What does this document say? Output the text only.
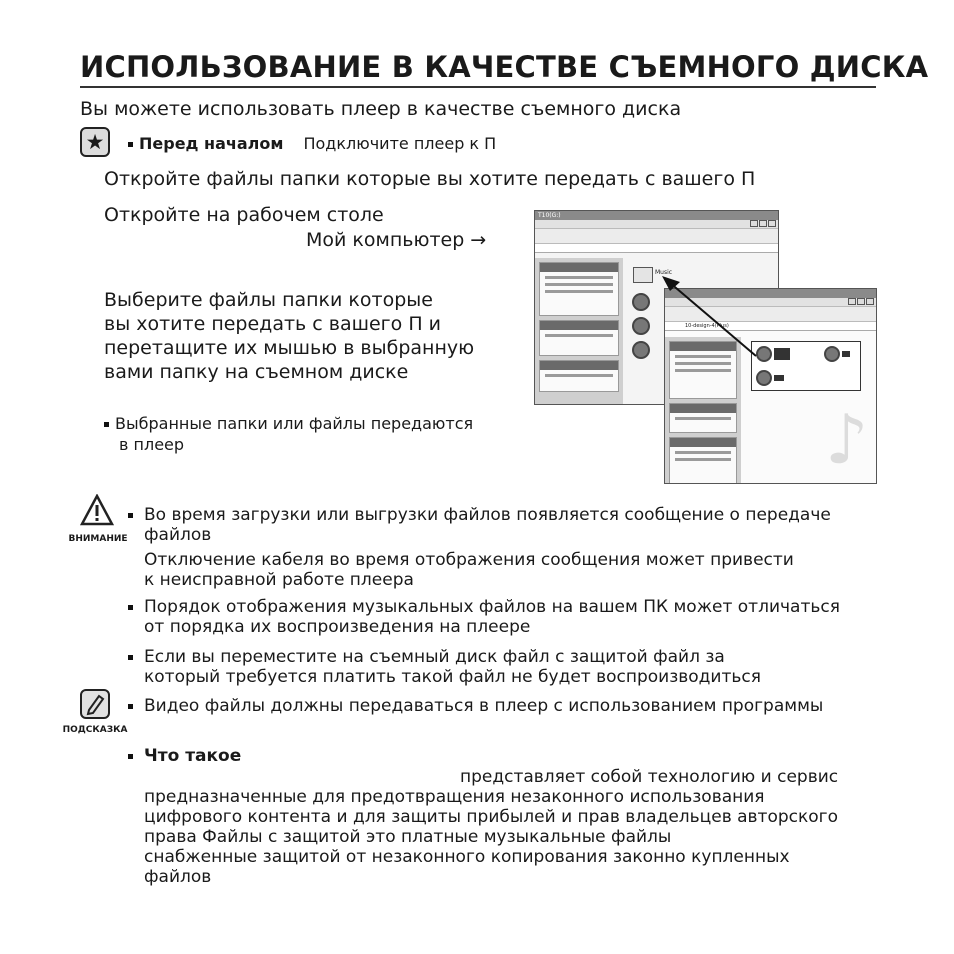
ИСПОЛЬЗОВАНИЕ В КАЧЕСТВЕ СЪЕМНОГО ДИСКА
Вы можете использовать плеер в качестве съемного диска
★	Перед началом Подключите плеер к П
Откройте файлы папки которые вы хотите передать с вашего П
Откройте на рабочем столе
Мой компьютер →
Выберите файлы папки которые
вы хотите передать с вашего П и
перетащите их мышью в выбранную
вами папку на съемном диске
Выбранные папки или файлы передаются
в плеер
T10(G:)
Music
10-design-4(Plus)
♪
ВНИМАНИЕ
Во время загрузки или выгрузки файлов появляется сообщение о передаче
файлов
Отключение кабеля во время отображения сообщения может привести
к неисправной работе плеера
Порядок отображения музыкальных файлов на вашем ПК может отличаться
от порядка их воспроизведения на плеере
Если вы переместите на съемный диск файл с защитой файл за
который требуется платить такой файл не будет воспроизводиться
ПОДСКАЗКА
Видео файлы должны передаваться в плеер с использованием программы
Что такое
представляет собой технологию и сервис
предназначенные для предотвращения незаконного использования
цифрового контента и для защиты прибылей и прав владельцев авторского
права Файлы с защитой это платные музыкальные файлы
снабженные защитой от незаконного копирования законно купленных
файлов
